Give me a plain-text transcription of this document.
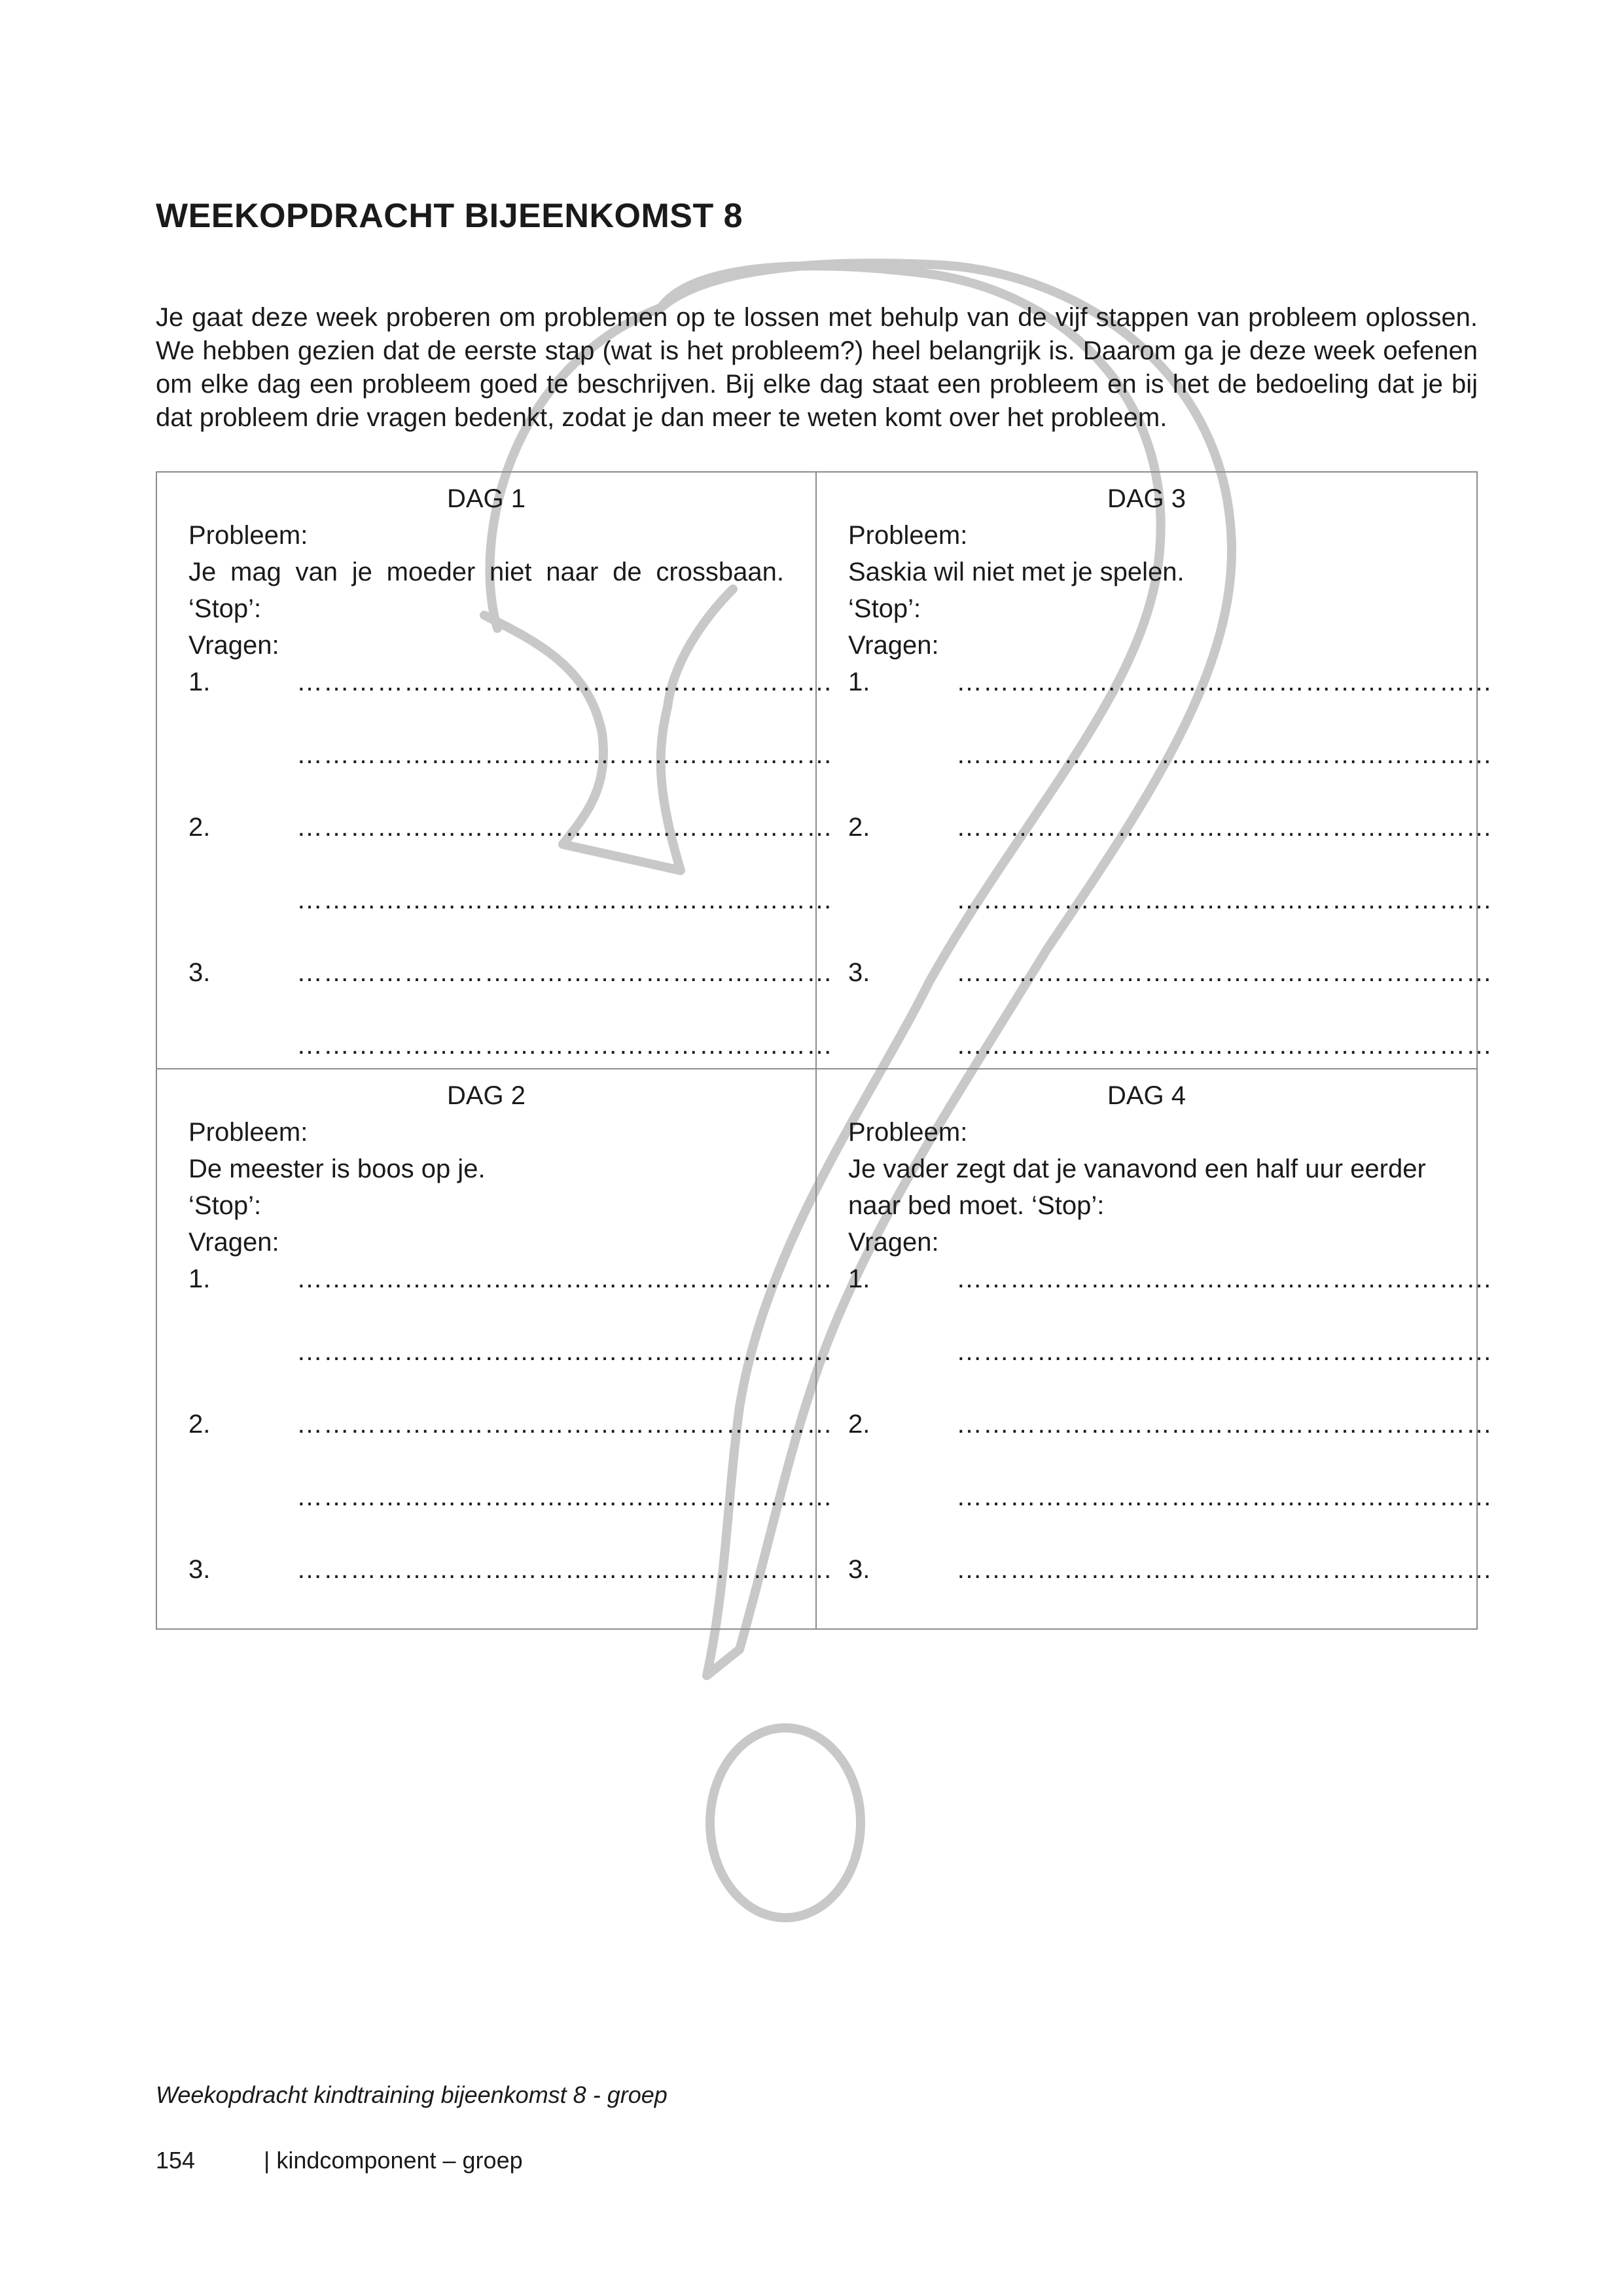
WEEKOPDRACHT BIJEENKOMST 8

Je gaat deze week proberen om problemen op te lossen met behulp van de vijf stappen van probleem oplossen. We hebben gezien dat de eerste stap (wat is het probleem?) heel belangrijk is. Daarom ga je deze week oefenen om elke dag een probleem goed te beschrijven. Bij elke dag staat een probleem en is het de bedoeling dat je bij dat probleem drie vragen bedenkt, zodat je dan meer te weten komt over het probleem.

DAG 1
Probleem:
Je mag van je moeder niet naar de crossbaan.
‘Stop’:
Vragen:
1.	……………………………………………………
……………………………………………………
2.	……………………………………………………
……………………………………………………
3.	……………………………………………………
……………………………………………………
DAG 3
Probleem:
Saskia wil niet met je spelen.
‘Stop’:
Vragen:
1.	……………………………………………………
……………………………………………………
2.	……………………………………………………
……………………………………………………
3.	……………………………………………………
……………………………………………………
DAG 2
Probleem:
De meester is boos op je.
‘Stop’:
Vragen:
1.	……………………………………………………
……………………………………………………
2.	……………………………………………………
……………………………………………………
3.	……………………………………………………
DAG 4
Probleem:
Je vader zegt dat je vanavond een half uur eerder
naar bed moet. ‘Stop’:
Vragen:
1.	……………………………………………………
……………………………………………………
2.	……………………………………………………
……………………………………………………
3.	……………………………………………………

Weekopdracht kindtraining bijeenkomst 8 - groep

154	| kindcomponent – groep
